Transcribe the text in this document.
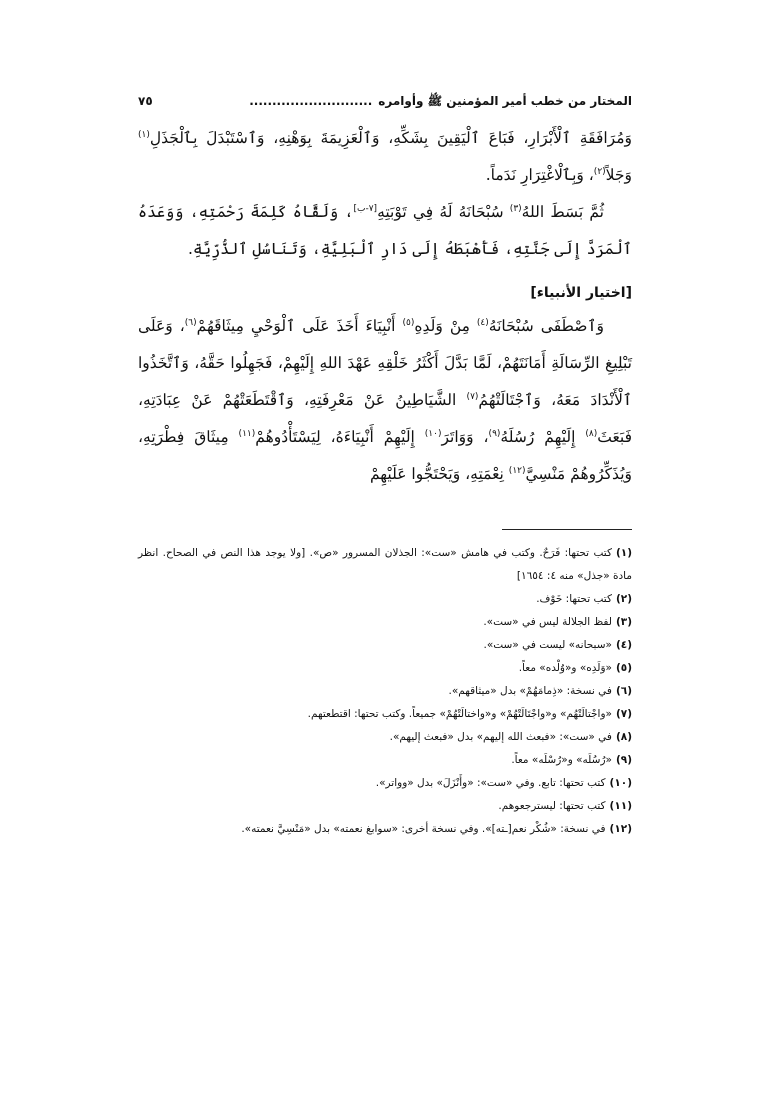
المختار من خطب أمير المؤمنين ﷺ وأوامره
...........................
٧٥

وَمُرَافَقَةِ ٱلْأَبْرَارِ، فَبَاعَ ٱلْيَقِينَ بِشَكِّهِ، وَٱلْعَزِيمَةَ بِوَهْنِهِ، وَٱسْتَبْدَلَ بِٱلْجَذَلِ$^{(١)}$ وَجَلاً$^{(٢)}$، وَبِٱلْاغْتِرَارِ نَدَماً.

ثُمَّ بَسَطَ اللهُ$^{(٣)}$ سُبْحَانَهُ لَهُ فِي تَوْبَتِهِ[٧-ب]، وَلَقَّاهُ كَلِمَةَ رَحْمَتِهِ، وَوَعَدَهُ ٱلْمَرَدَّ إِلَى جَنَّتِهِ، فَأَهْبَطَهُ إِلَى دَارِ ٱلْبَلِيَّةِ، وَتَنَاسُلِ ٱلذُّرِّيَّةِ.

[اختيار الأنبياء]

وَٱصْطَفَى سُبْحَانَهُ$^{(٤)}$ مِنْ وَلَدِهِ$^{(٥)}$ أَنْبِيَاءَ أَخَذَ عَلَى ٱلْوَحْيِ مِيثَاقَهُمْ$^{(٦)}$، وَعَلَى تَبْلِيغِ الرِّسَالَةِ أَمَانَتَهُمْ، لَمَّا بَدَّلَ أَكْثَرُ خَلْقِهِ عَهْدَ اللهِ إِلَيْهِمْ، فَجَهِلُوا حَقَّهُ، وَٱتَّخَذُوا ٱلْأَنْدَادَ مَعَهُ، وَٱجْتَالَتْهُمُ$^{(٧)}$ الشَّيَاطِينُ عَنْ مَعْرِفَتِهِ، وَٱقْتَطَعَتْهُمْ عَنْ عِبَادَتِهِ، فَبَعَثَ$^{(٨)}$ إِلَيْهِمْ رُسُلَهُ$^{(٩)}$، وَوَاتَرَ$^{(١٠)}$ إِلَيْهِمْ أَنْبِيَاءَهُ، لِيَسْتَأْدُوهُمْ$^{(١١)}$ مِيثَاقَ فِطْرَتِهِ، وَيُذَكِّرُوهُمْ مَنْسِيَّ$^{(١٢)}$ نِعْمَتِهِ، وَيَحْتَجُّوا عَلَيْهِمْ

(١)كتب تحتها: فَرَحٌ. وكتب في هامش «ست»: الجذلان المسرور «ص». [ولا يوجد هذا النص في الصحاح. انظر مادة «جذل» منه ٤: ١٦٥٤]

(٢)كتب تحتها: خَوْف.

(٣)لفظ الجلالة ليس في «ست».

(٤)«سبحانه» ليست في «ست».

(٥)«وَلَدِه» و«وُلْده» معاً.

(٦)في نسخة: «ذِمامَهُمْ» بدل «ميثاقهم».

(٧)«واجْتالَتْهُم» و«واجْتَالَتْهُمْ» و«واختالَتْهُمْ» جميعاً. وكتب تحتها: اقتطعتهم.

(٨)في «ست»: «فبعث الله إليهم» بدل «فبعث إليهم».

(٩)«رُسُلَه» و«رُسْلَه» معاً.

(١٠)كتب تحتها: تابع. وفي «ست»: «وأَنْزَلَ» بدل «وواتر».

(١١)كتب تحتها: ليسترجعوهم.

(١٢)في نسخة: «شُكْر نعم[ـته]». وفي نسخة أخرى: «سوابغ نعمته» بدل «مَنْسِيَّ نعمته».
